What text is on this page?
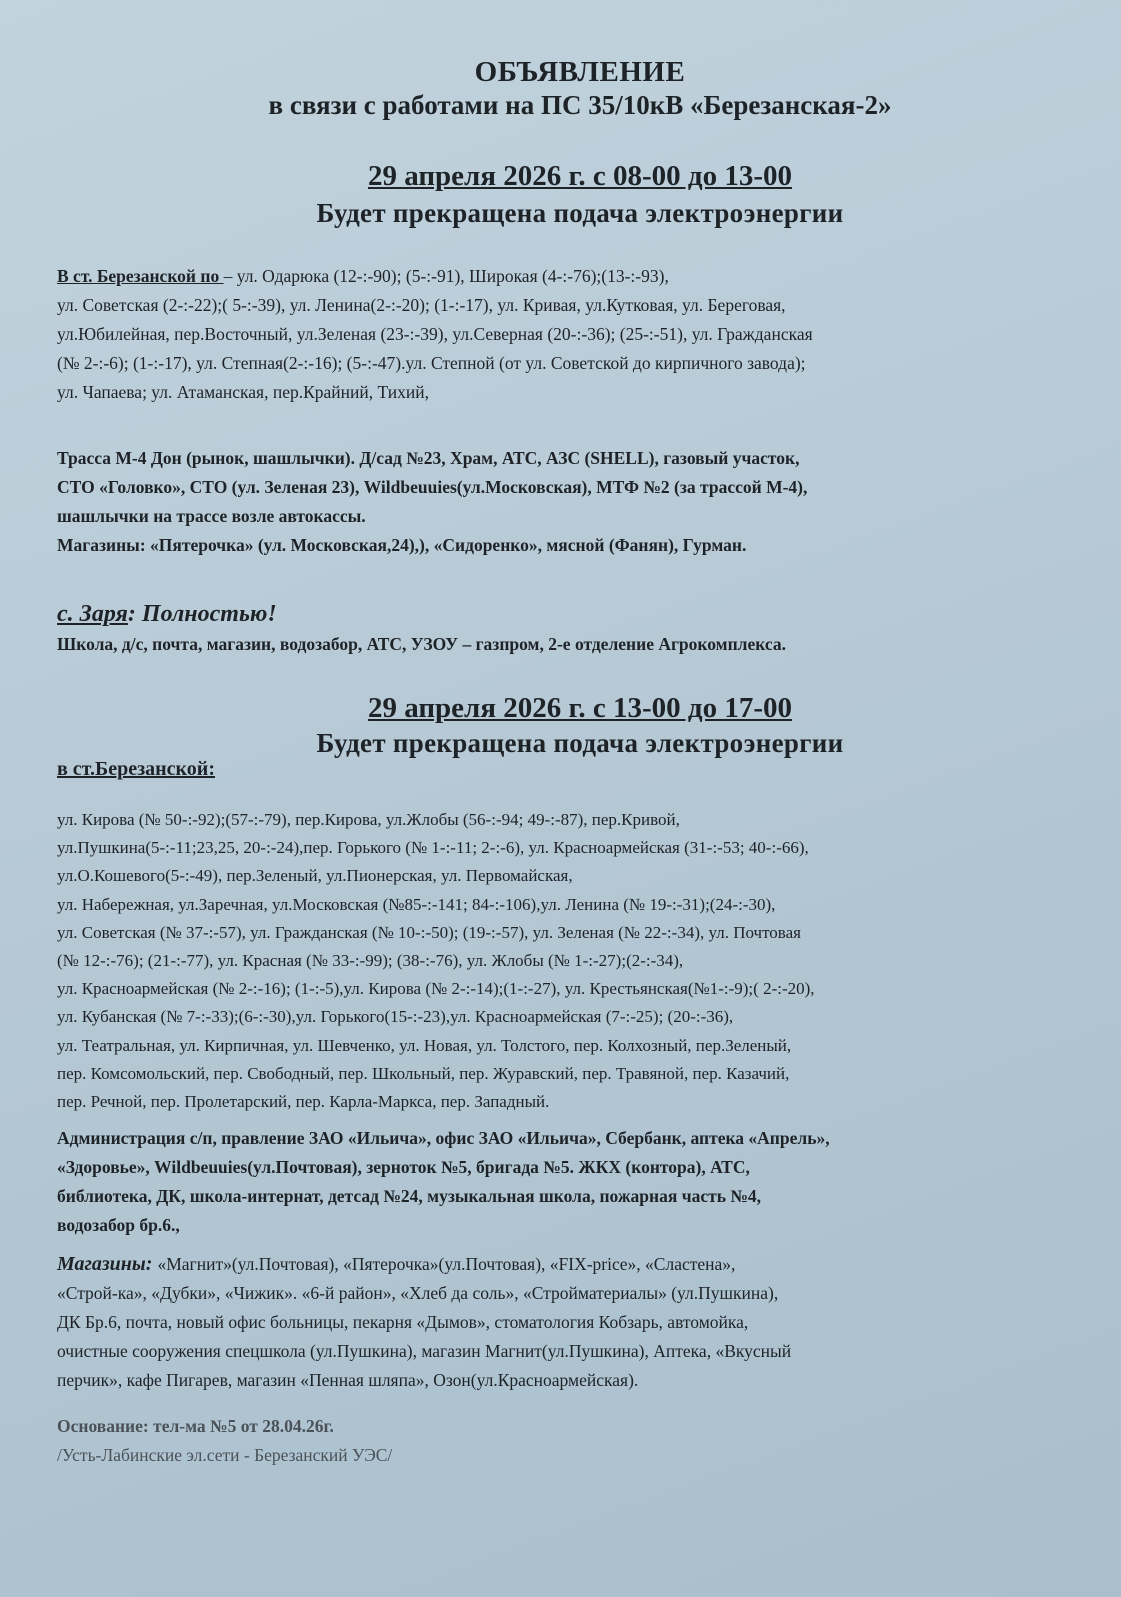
ОБЪЯВЛЕНИЕ
в связи с работами на ПС 35/10кВ «Березанская-2»
29 апреля 2026 г. с 08-00 до 13-00
Будет прекращена подача электроэнергии
В ст. Березанской по – ул. Одарюка (12-:-90); (5-:-91), Широкая (4-:-76);(13-:-93),
ул. Советская (2-:-22);( 5-:-39), ул. Ленина(2-:-20); (1-:-17), ул. Кривая, ул.Кутковая, ул. Береговая,
ул.Юбилейная, пер.Восточный, ул.Зеленая (23-:-39), ул.Северная (20-:-36); (25-:-51), ул. Гражданская
(№ 2-:-6); (1-:-17), ул. Степная(2-:-16); (5-:-47).ул. Степной (от ул. Советской до кирпичного завода);
ул. Чапаева; ул. Атаманская, пер.Крайний, Тихий,
Трасса М-4 Дон (рынок, шашлычки). Д/сад №23, Храм, АТС, АЗС (SHELL), газовый участок,
СТО «Головко», СТО (ул. Зеленая 23), Wildbeuuies(ул.Московская), МТФ №2 (за трассой М-4),
шашлычки на трассе возле автокассы.
Магазины: «Пятерочка» (ул. Московская,24),), «Сидоренко», мясной (Фанян), Гурман.
с. Заря: Полностью!
Школа, д/с, почта, магазин, водозабор, АТС, УЗОУ – газпром, 2-е отделение Агрокомплекса.
29 апреля 2026 г. с 13-00 до 17-00
Будет прекращена подача электроэнергии
в ст.Березанской:
ул. Кирова (№ 50-:-92);(57-:-79), пер.Кирова, ул.Жлобы (56-:-94; 49-:-87), пер.Кривой,
ул.Пушкина(5-:-11;23,25, 20-:-24),пер. Горького (№ 1-:-11; 2-:-6), ул. Красноармейская (31-:-53; 40-:-66),
ул.О.Кошевого(5-:-49), пер.Зеленый, ул.Пионерская, ул. Первомайская,
ул. Набережная, ул.Заречная, ул.Московская (№85-:-141; 84-:-106),ул. Ленина (№ 19-:-31);(24-:-30),
ул. Советская (№ 37-:-57), ул. Гражданская (№ 10-:-50); (19-:-57), ул. Зеленая (№ 22-:-34), ул. Почтовая
(№ 12-:-76); (21-:-77), ул. Красная (№ 33-:-99); (38-:-76), ул. Жлобы (№ 1-:-27);(2-:-34),
ул. Красноармейская (№ 2-:-16); (1-:-5),ул. Кирова (№ 2-:-14);(1-:-27), ул. Крестьянская(№1-:-9);( 2-:-20),
ул. Кубанская (№ 7-:-33);(6-:-30),ул. Горького(15-:-23),ул. Красноармейская (7-:-25); (20-:-36),
ул. Театральная, ул. Кирпичная, ул. Шевченко, ул. Новая, ул. Толстого, пер. Колхозный, пер.Зеленый,
пер. Комсомольский, пер. Свободный, пер. Школьный, пер. Журавский, пер. Травяной, пер. Казачий,
пер. Речной, пер. Пролетарский, пер. Карла-Маркса, пер. Западный.
Администрация с/п, правление ЗАО «Ильича», офис ЗАО «Ильича», Сбербанк, аптека «Апрель»,
«Здоровье», Wildbeuuies(ул.Почтовая), зерноток №5, бригада №5. ЖКХ (контора), АТС,
библиотека, ДК, школа-интернат, детсад №24, музыкальная школа, пожарная часть №4,
водозабор бр.6.,
Магазины: «Магнит»(ул.Почтовая), «Пятерочка»(ул.Почтовая), «FIX-price», «Сластена»,
«Строй-ка», «Дубки», «Чижик». «6-й район», «Хлеб да соль», «Стройматериалы» (ул.Пушкина),
ДК Бр.6, почта, новый офис больницы, пекарня «Дымов», стоматология Кобзарь, автомойка,
очистные сооружения спецшкола (ул.Пушкина), магазин Магнит(ул.Пушкина), Аптека, «Вкусный
перчик», кафе Пигарев, магазин «Пенная шляпа», Озон(ул.Красноармейская).
Основание: тел-ма №5 от 28.04.26г.
/Усть-Лабинские эл.сети - Березанский УЭС/
